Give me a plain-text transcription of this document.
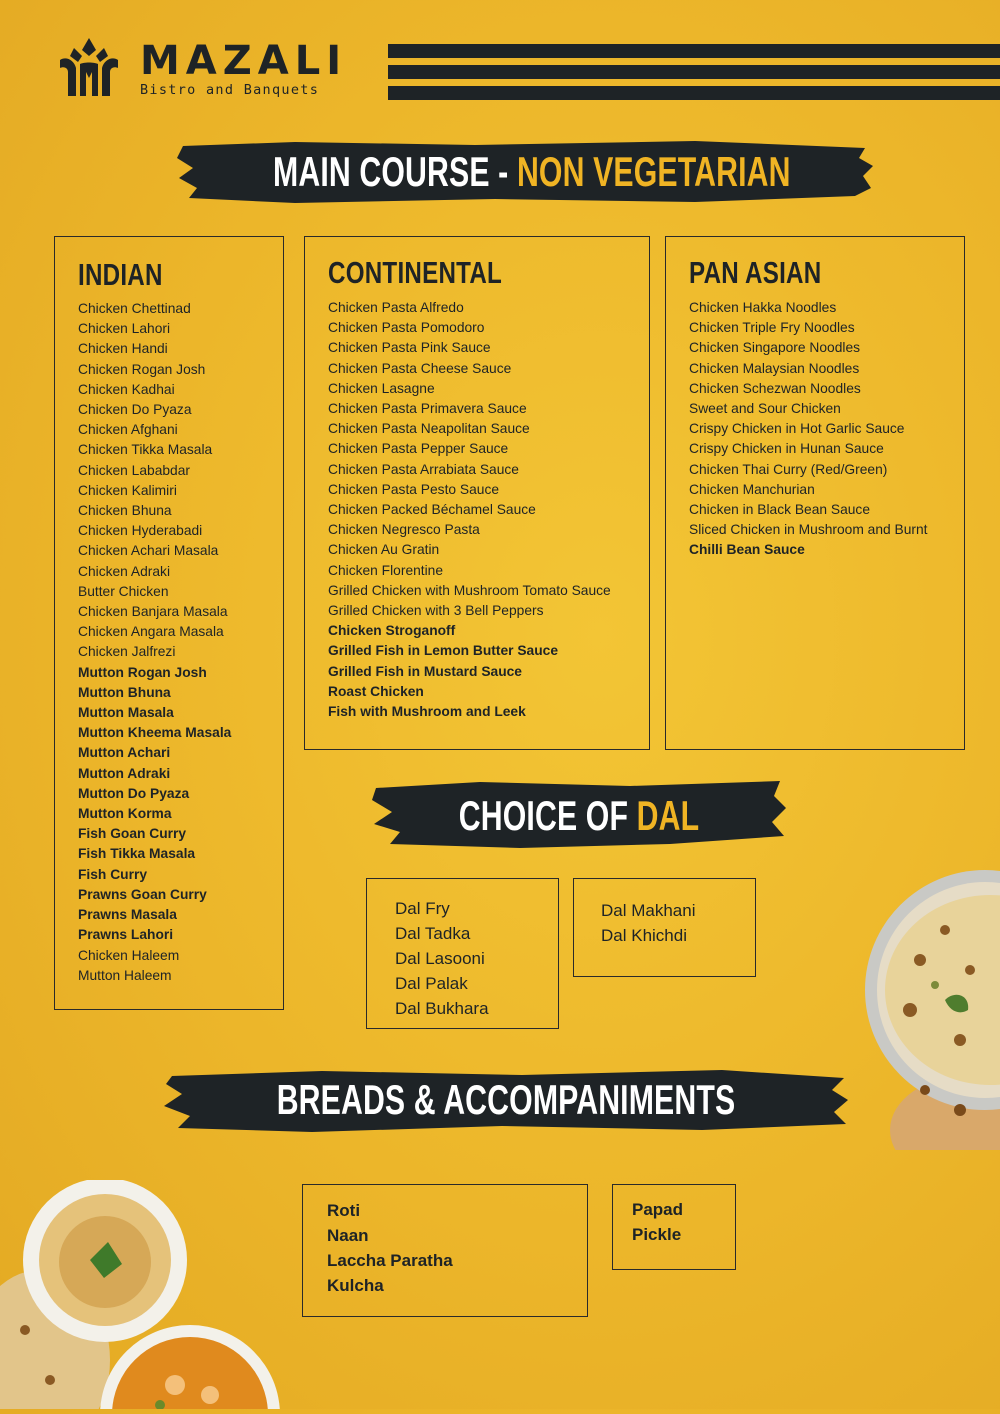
MAZALI
Bistro and Banquets
MAIN COURSE - NON VEGETARIAN
INDIAN
Chicken Chettinad
Chicken Lahori
Chicken Handi
Chicken Rogan Josh
Chicken Kadhai
Chicken Do Pyaza
Chicken Afghani
Chicken Tikka Masala
Chicken Lababdar
Chicken Kalimiri
Chicken Bhuna
Chicken Hyderabadi
Chicken Achari Masala
Chicken Adraki
Butter Chicken
Chicken Banjara Masala
Chicken Angara Masala
Chicken Jalfrezi
Mutton Rogan Josh
Mutton Bhuna
Mutton Masala
Mutton Kheema Masala
Mutton Achari
Mutton Adraki
Mutton Do Pyaza
Mutton Korma
Fish Goan Curry
Fish Tikka Masala
Fish Curry
Prawns Goan Curry
Prawns Masala
Prawns Lahori
Chicken Haleem
Mutton Haleem
CONTINENTAL
Chicken Pasta Alfredo
Chicken Pasta Pomodoro
Chicken Pasta Pink Sauce
Chicken Pasta Cheese Sauce
Chicken Lasagne
Chicken Pasta Primavera Sauce
Chicken Pasta Neapolitan Sauce
Chicken Pasta Pepper Sauce
Chicken Pasta Arrabiata Sauce
Chicken Pasta Pesto Sauce
Chicken Packed Béchamel Sauce
Chicken Negresco Pasta
Chicken Au Gratin
Chicken Florentine
Grilled Chicken with Mushroom Tomato Sauce
Grilled Chicken with 3 Bell Peppers
Chicken Stroganoff
Grilled Fish in Lemon Butter Sauce
Grilled Fish in Mustard Sauce
Roast Chicken
Fish with Mushroom and Leek
PAN ASIAN
Chicken Hakka Noodles
Chicken Triple Fry Noodles
Chicken Singapore Noodles
Chicken Malaysian Noodles
Chicken Schezwan Noodles
Sweet and Sour Chicken
Crispy Chicken in Hot Garlic Sauce
Crispy Chicken in Hunan Sauce
Chicken Thai Curry (Red/Green)
Chicken Manchurian
Chicken in Black Bean Sauce
Sliced Chicken in Mushroom and Burnt
Chilli Bean Sauce
CHOICE OF DAL
Dal Fry
Dal Tadka
Dal Lasooni
Dal Palak
Dal Bukhara
Dal Makhani
Dal Khichdi
BREADS & ACCOMPANIMENTS
Roti
Naan
Laccha Paratha
Kulcha
Papad
Pickle
